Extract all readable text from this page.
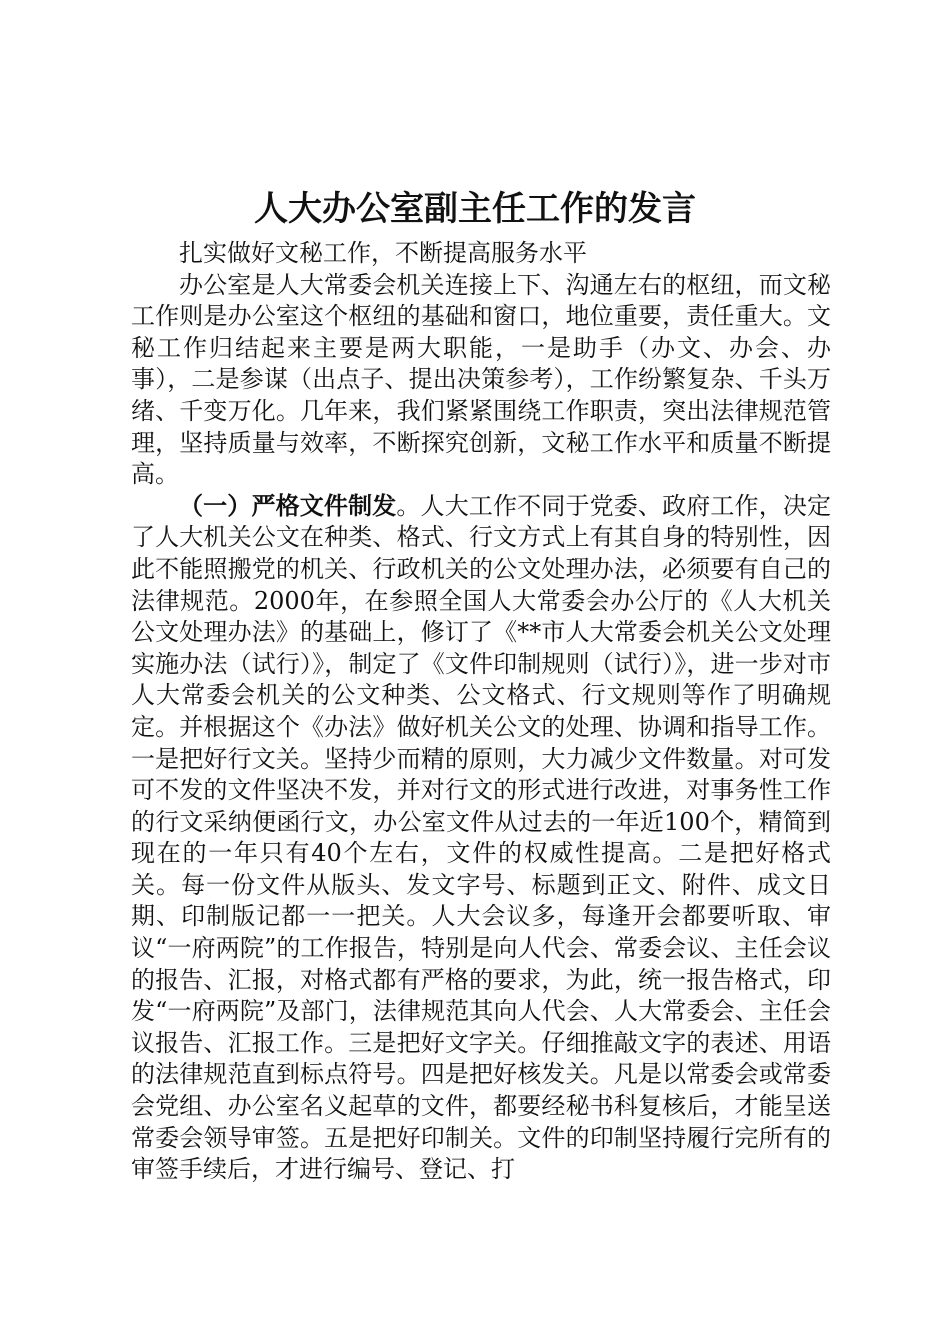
人大办公室副主任工作的发言

扎实做好文秘工作，不断提高服务水平

办公室是人大常委会机关连接上下、沟通左右的枢纽，而文秘工作则是办公室这个枢纽的基础和窗口，地位重要，责任重大。文秘工作归结起来主要是两大职能，一是助手（办文、办会、办事），二是参谋（出点子、提出决策参考），工作纷繁复杂、千头万绪、千变万化。几年来，我们紧紧围绕工作职责，突出法律规范管理，坚持质量与效率，不断探究创新，文秘工作水平和质量不断提高。

（一）严格文件制发。人大工作不同于党委、政府工作，决定了人大机关公文在种类、格式、行文方式上有其自身的特别性，因此不能照搬党的机关、行政机关的公文处理办法，必须要有自己的法律规范。2000年，在参照全国人大常委会办公厅的《人大机关公文处理办法》的基础上，修订了《**市人大常委会机关公文处理实施办法（试行）》，制定了《文件印制规则（试行）》，进一步对市人大常委会机关的公文种类、公文格式、行文规则等作了明确规定。并根据这个《办法》做好机关公文的处理、协调和指导工作。一是把好行文关。坚持少而精的原则，大力减少文件数量。对可发可不发的文件坚决不发，并对行文的形式进行改进，对事务性工作的行文采纳便函行文，办公室文件从过去的一年近100个，精简到现在的一年只有40个左右，文件的权威性提高。二是把好格式关。每一份文件从版头、发文字号、标题到正文、附件、成文日期、印制版记都一一把关。人大会议多，每逢开会都要听取、审议“一府两院”的工作报告，特别是向人代会、常委会议、主任会议的报告、汇报，对格式都有严格的要求，为此，统一报告格式，印发“一府两院”及部门，法律规范其向人代会、人大常委会、主任会议报告、汇报工作。三是把好文字关。仔细推敲文字的表述、用语的法律规范直到标点符号。四是把好核发关。凡是以常委会或常委会党组、办公室名义起草的文件，都要经秘书科复核后，才能呈送常委会领导审签。五是把好印制关。文件的印制坚持履行完所有的审签手续后，才进行编号、登记、打
